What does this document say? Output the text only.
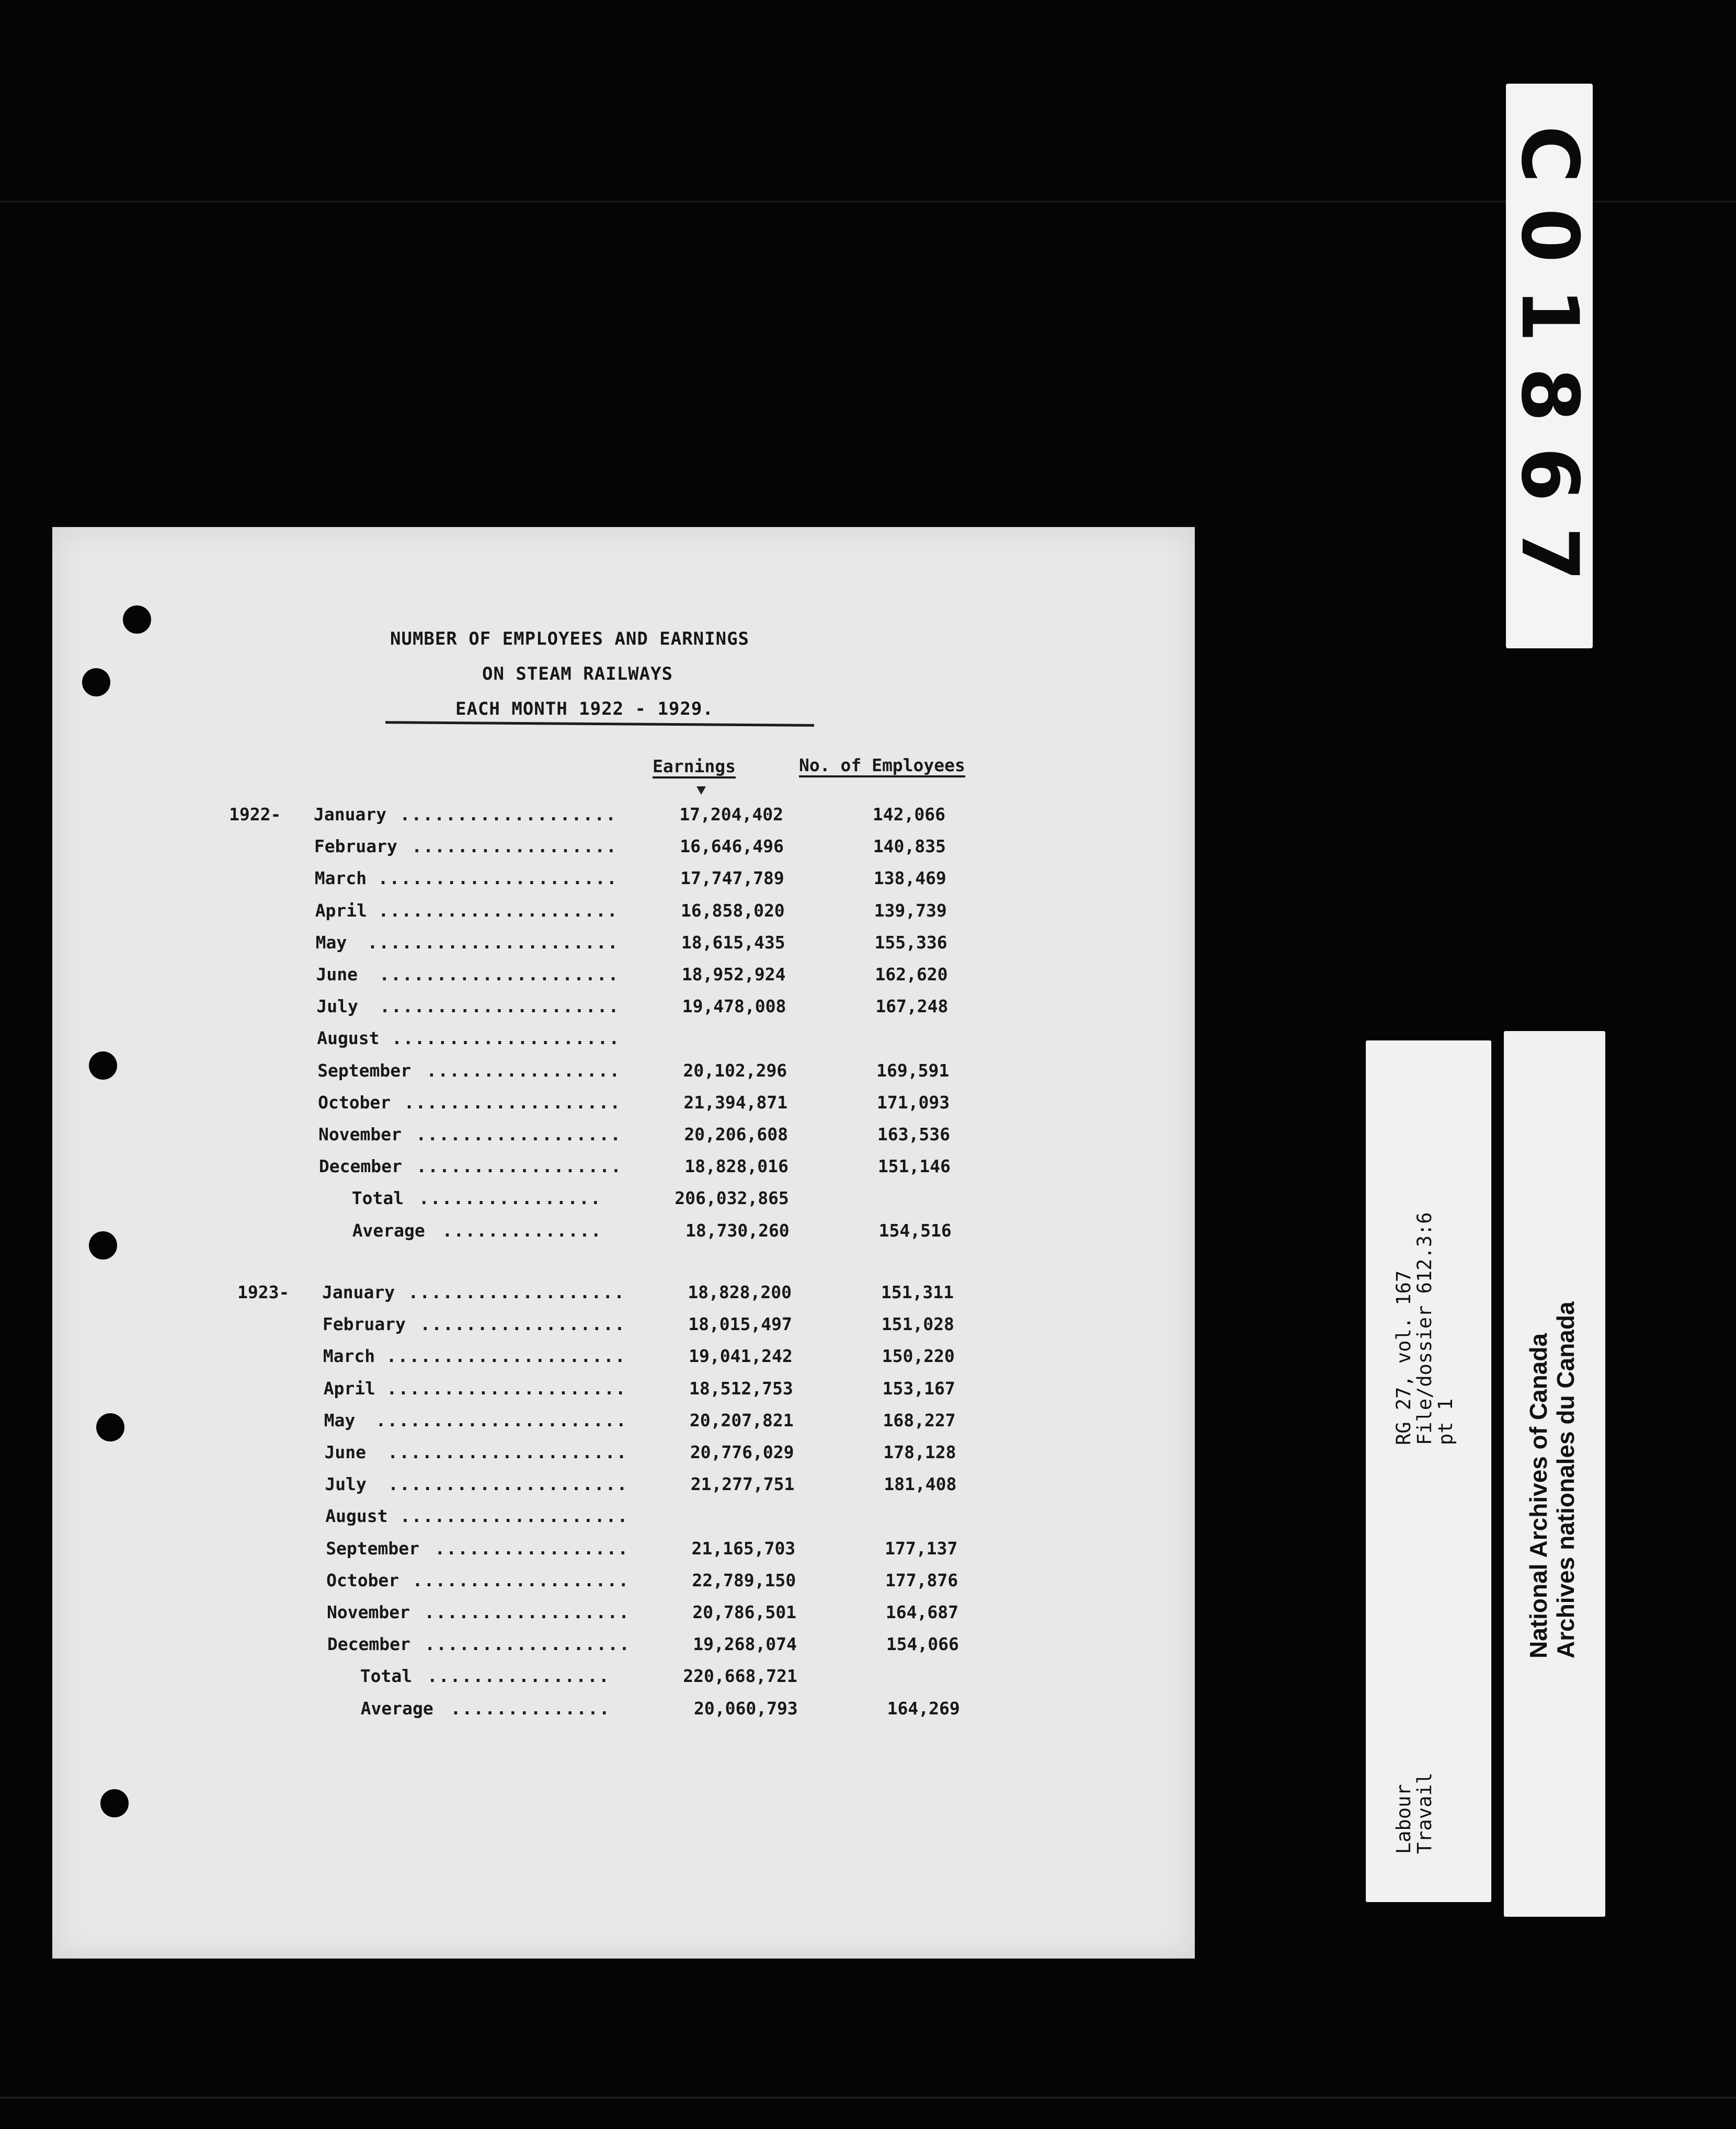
C01867
NUMBER OF EMPLOYEES AND EARNINGS
ON STEAM RAILWAYS
EACH MONTH 1922 - 1929.
Earnings	No. of Employees
1922- January ...................	17,204,402	142,066
February ..................	16,646,496	140,835
March .....................	17,747,789	138,469
April .....................	16,858,020	139,739
May	......................	18,615,435	155,336
June	.....................	18,952,924	162,620
July	.....................	19,478,008	167,248
August ....................
September .................	20,102,296	169,591
October ...................	21,394,871	171,093
November ..................	20,206,608	163,536
December ..................	18,828,016	151,146
Total ................	206,032,865
Average ..............	18,730,260	154,516
1923- January ...................	18,828,200	151,311
February ..................	18,015,497	151,028
March .....................	19,041,242	150,220
April .....................	18,512,753	153,167
May	......................	20,207,821	168,227
June	.....................	20,776,029	178,128
July	.....................	21,277,751	181,408
August ....................
September .................	21,165,703	177,137
October ...................	22,789,150	177,876
November ..................	20,786,501	164,687
December ..................	19,268,074	154,066
Total ................	220,668,721
Average ..............	20,060,793	164,269
RG 27, vol. 167
File/dossier 612.3:6
pt 1
Labour
Travail
National Archives of Canada Archives nationales du Canada
